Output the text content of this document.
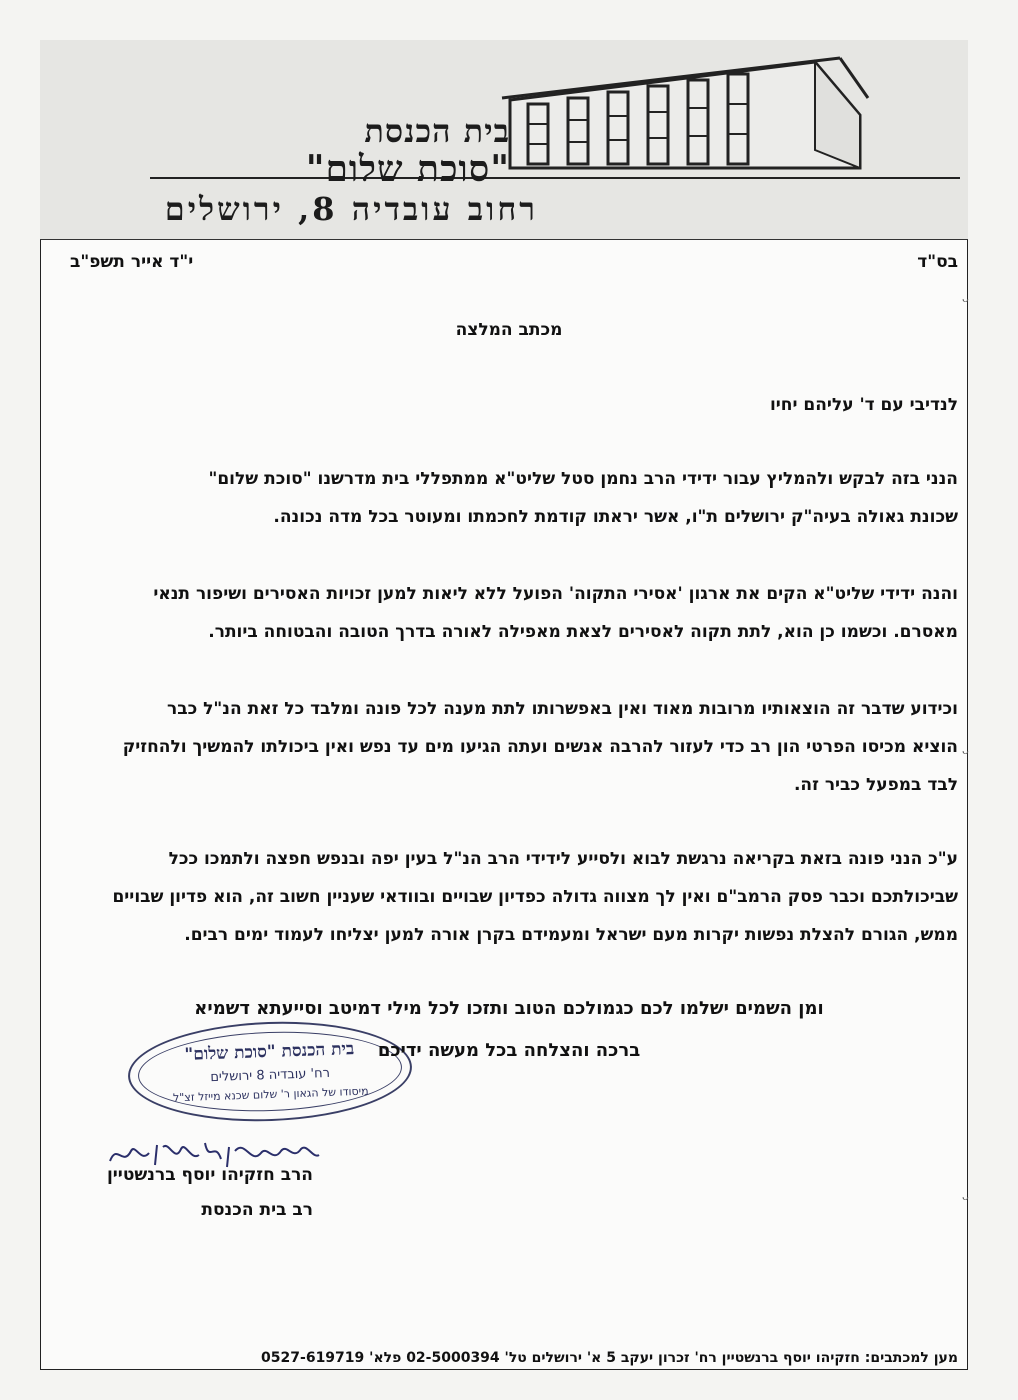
בית הכנסת
"סוכת שלום"
רחוב עובדיה 8, ירושלים
בס"ד
י"ד אייר תשפ"ב
מכתב המלצה
לנדיבי עם ד' עליהם יחיו
הנני בזה לבקש ולהמליץ עבור ידידי הרב נחמן סטל שליט"א ממתפללי בית מדרשנו "סוכת שלום"
שכונת גאולה בעיה"ק ירושלים ת"ו, אשר יראתו קודמת לחכמתו ומעוטר בכל מדה נכונה.
והנה ידידי שליט"א הקים את ארגון 'אסירי התקוה' הפועל ללא ליאות למען זכויות האסירים ושיפור תנאי
מאסרם. וכשמו כן הוא, לתת תקוה לאסירים לצאת מאפילה לאורה בדרך הטובה והבטוחה ביותר.
וכידוע שדבר זה הוצאותיו מרובות מאוד ואין באפשרותו לתת מענה לכל פונה ומלבד כל זאת הנ"ל כבר
הוציא מכיסו הפרטי הון רב כדי לעזור להרבה אנשים ועתה הגיעו מים עד נפש ואין ביכולתו להמשיך ולהחזיק
לבד במפעל כביר זה.
ע"כ הנני פונה בזאת בקריאה נרגשת לבוא ולסייע לידידי הרב הנ"ל בעין יפה ובנפש חפצה ולתמכו ככל
שביכולתכם וכבר פסק הרמב"ם ואין לך מצווה גדולה כפדיון שבויים ובוודאי שעניין חשוב זה, הוא פדיון שבויים
ממש, הגורם להצלת נפשות יקרות מעם ישראל ומעמידם בקרן אורה למען יצליחו לעמוד ימים רבים.
ומן השמים ישלמו לכם כגמולכם הטוב ותזכו לכל מילי דמיטב וסייעתא דשמיא
בית הכנסת "סוכת שלום"
רח' עובדיה 8 ירושלים
מיסודו של הגאון ר' שלום שכנא מייזל זצ"ל
ברכה והצלחה בכל מעשה ידיכם
הרב חזקיהו יוסף ברנשטיין
רב בית הכנסת
מען למכתבים: חזקיהו יוסף ברנשטיין רח' זכרון יעקב 5 א' ירושלים טל' 02-5000394 פלא' 0527-619719
ᵕ
ᵕ
ᵕ
